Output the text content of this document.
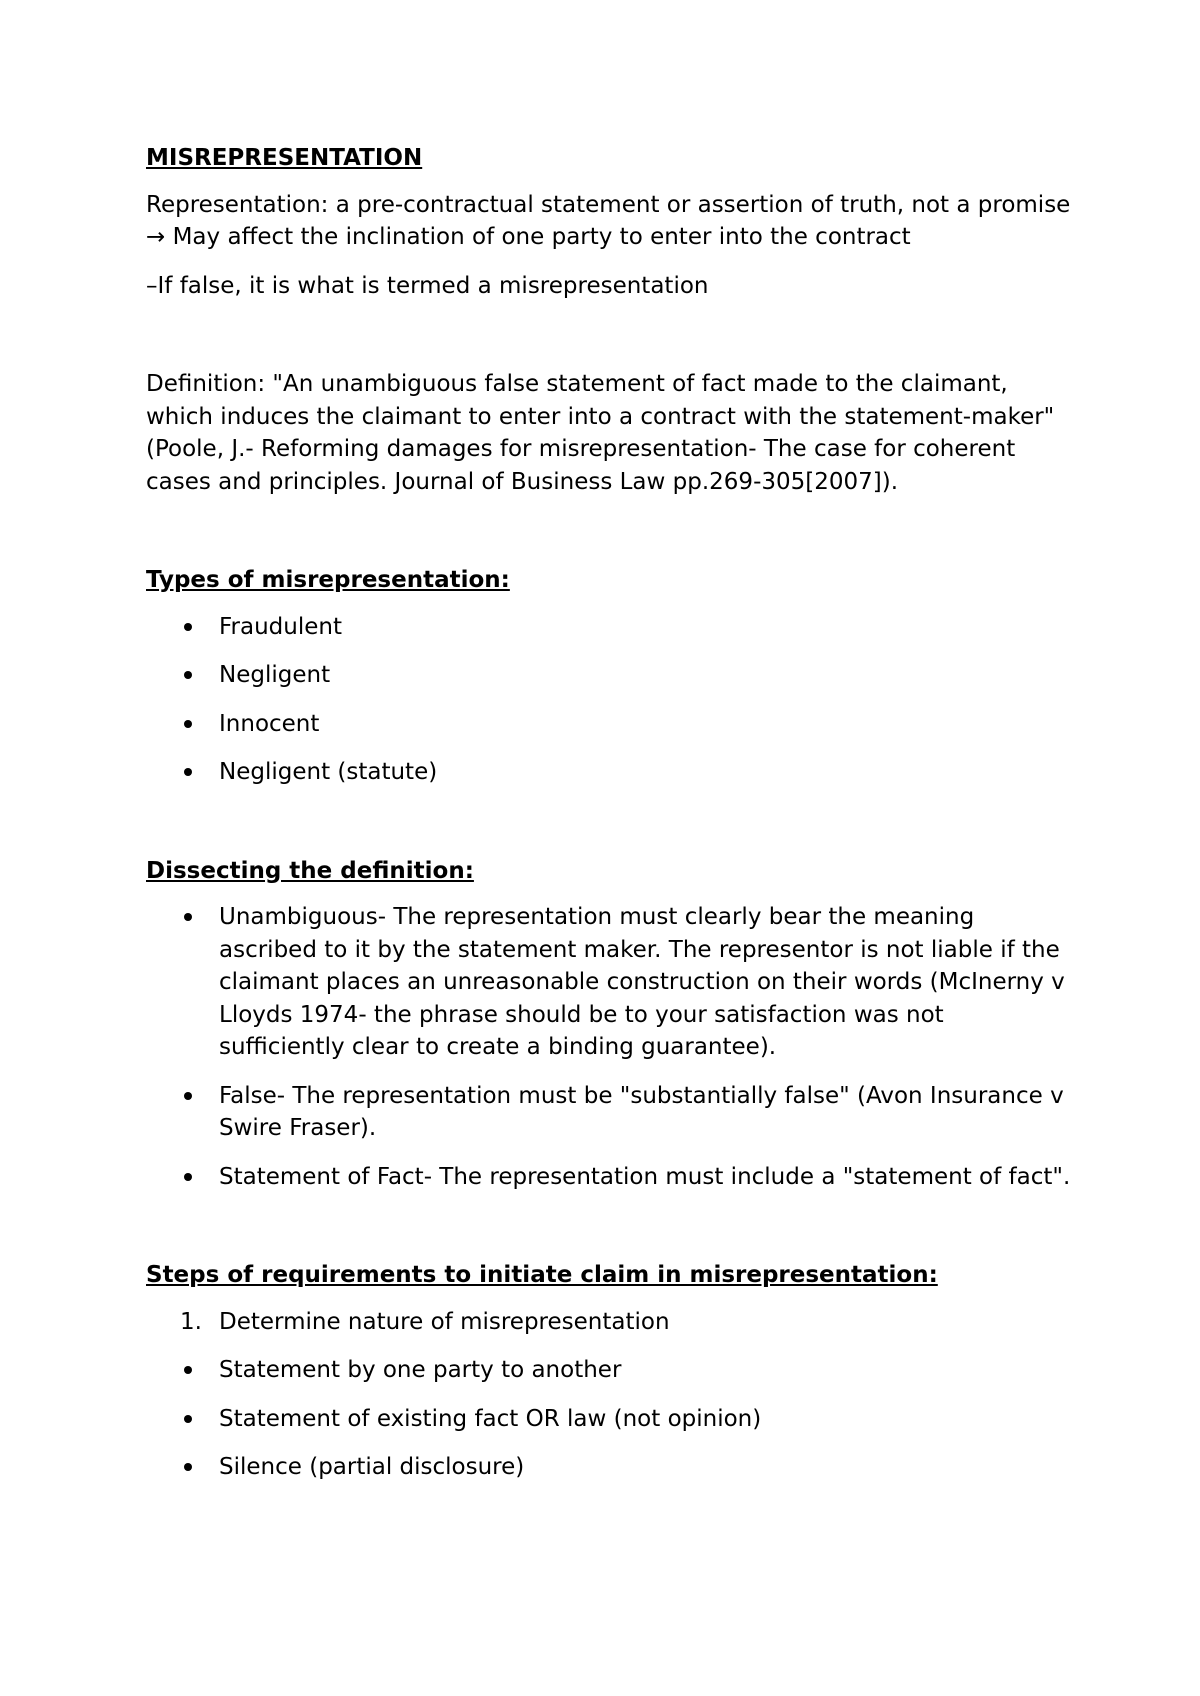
MISREPRESENTATION
Representation: a pre-contractual statement or assertion of truth, not a promise → May affect the inclination of one party to enter into the contract
–If false, it is what is termed a misrepresentation
Definition: "An unambiguous false statement of fact made to the claimant, which induces the claimant to enter into a contract with the statement-maker" (Poole, J.- Reforming damages for misrepresentation- The case for coherent cases and principles. Journal of Business Law pp.269-305[2007]).
Types of misrepresentation:
Fraudulent
Negligent
Innocent
Negligent (statute)
Dissecting the definition:
Unambiguous- The representation must clearly bear the meaning ascribed to it by the statement maker. The representor is not liable if the claimant places an unreasonable construction on their words (McInerny v Lloyds 1974- the phrase should be to your satisfaction was not sufficiently clear to create a binding guarantee).
False- The representation must be "substantially false" (Avon Insurance v Swire Fraser).
Statement of Fact- The representation must include a "statement of fact".
Steps of requirements to initiate claim in misrepresentation:
1. Determine nature of misrepresentation
Statement by one party to another
Statement of existing fact OR law (not opinion)
Silence (partial disclosure)
